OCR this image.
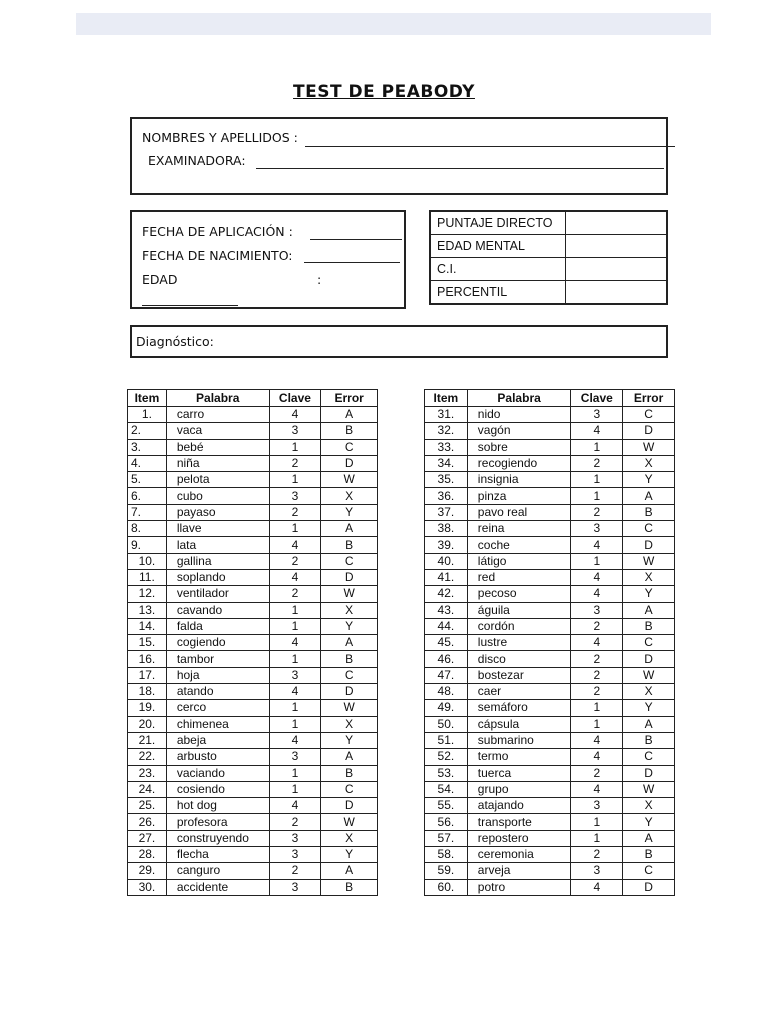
TEST DE PEABODY
NOMBRES Y APELLIDOS :
EXAMINADORA:
FECHA DE APLICACIÓN :
FECHA DE NACIMIENTO:
EDAD	:
PUNTAJE DIRECTO	
EDAD MENTAL	
C.I.	
PERCENTIL	
Diagnóstico:
Item	Palabra	Clave	Error
1.	carro	4	A
2.	vaca	3	B
3.	bebé	1	C
4.	niña	2	D
5.	pelota	1	W
6.	cubo	3	X
7.	payaso	2	Y
8.	llave	1	A
9.	lata	4	B
10.	gallina	2	C
11.	soplando	4	D
12.	ventilador	2	W
13.	cavando	1	X
14.	falda	1	Y
15.	cogiendo	4	A
16.	tambor	1	B
17.	hoja	3	C
18.	atando	4	D
19.	cerco	1	W
20.	chimenea	1	X
21.	abeja	4	Y
22.	arbusto	3	A
23.	vaciando	1	B
24.	cosiendo	1	C
25.	hot dog	4	D
26.	profesora	2	W
27.	construyendo	3	X
28.	flecha	3	Y
29.	canguro	2	A
30.	accidente	3	B
Item	Palabra	Clave	Error
31.	nido	3	C
32.	vagón	4	D
33.	sobre	1	W
34.	recogiendo	2	X
35.	insignia	1	Y
36.	pinza	1	A
37.	pavo real	2	B
38.	reina	3	C
39.	coche	4	D
40.	látigo	1	W
41.	red	4	X
42.	pecoso	4	Y
43.	águila	3	A
44.	cordón	2	B
45.	lustre	4	C
46.	disco	2	D
47.	bostezar	2	W
48.	caer	2	X
49.	semáforo	1	Y
50.	cápsula	1	A
51.	submarino	4	B
52.	termo	4	C
53.	tuerca	2	D
54.	grupo	4	W
55.	atajando	3	X
56.	transporte	1	Y
57.	repostero	1	A
58.	ceremonia	2	B
59.	arveja	3	C
60.	potro	4	D
